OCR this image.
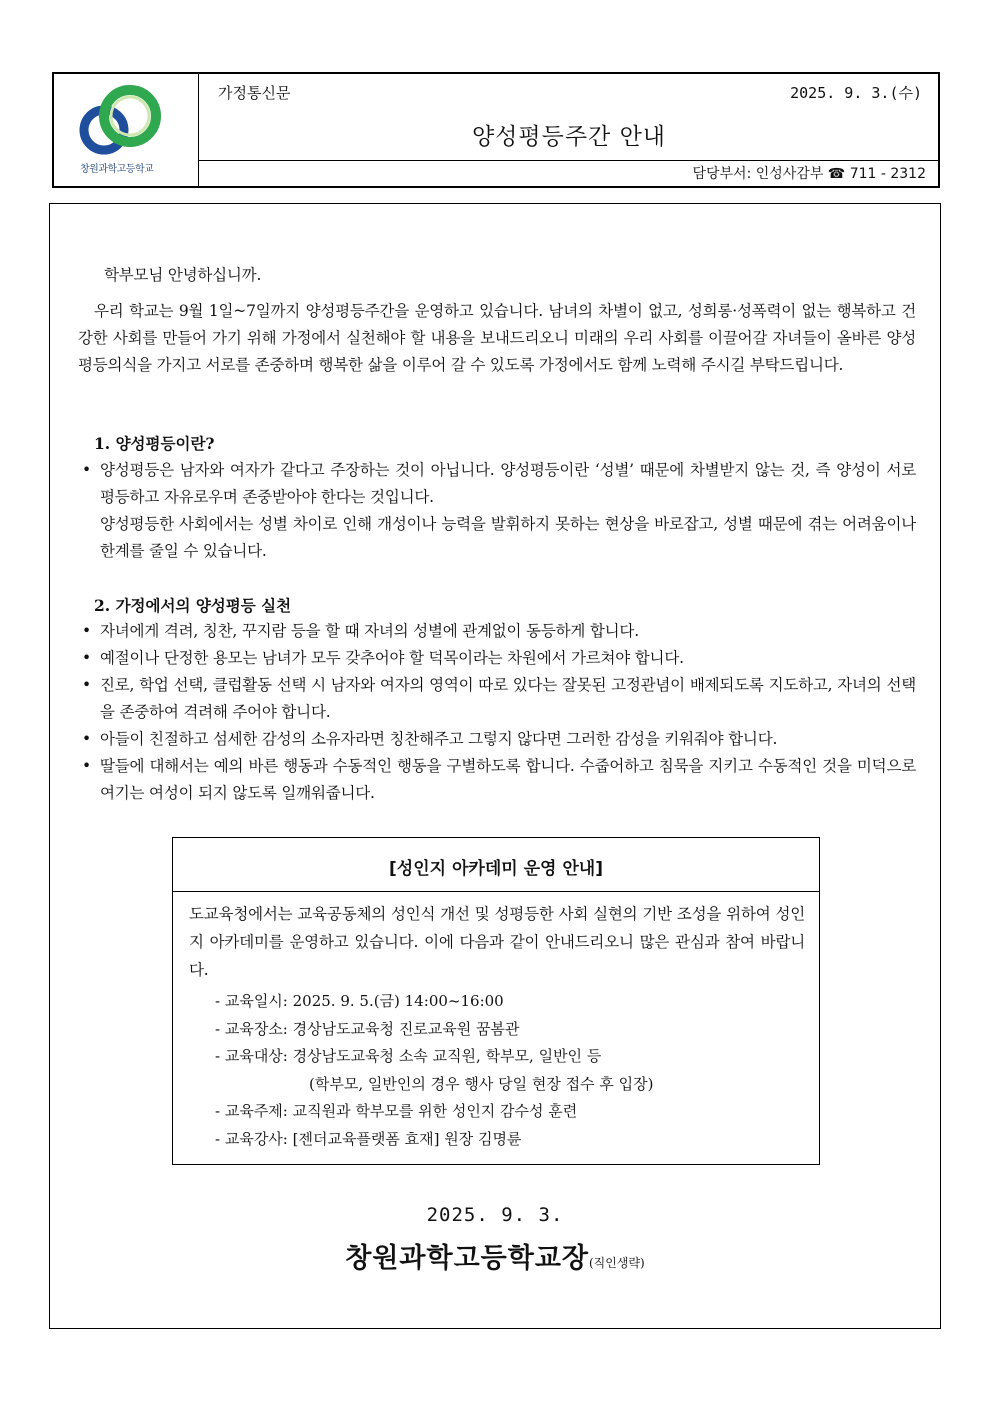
창원과학고등학교
가정통신문	2025. 9. 3.(수)
양성평등주간 안내
담당부서: 인성사감부 ☎ 711 - 2312
학부모님 안녕하십니까.
우리 학교는 9월 1일~7일까지 양성평등주간을 운영하고 있습니다. 남녀의 차별이 없고, 성희롱·성폭력이 없는 행복하고 건강한 사회를 만들어 가기 위해 가정에서 실천해야 할 내용을 보내드리오니 미래의 우리 사회를 이끌어갈 자녀들이 올바른 양성평등의식을 가지고 서로를 존중하며 행복한 삶을 이루어 갈 수 있도록 가정에서도 함께 노력해 주시길 부탁드립니다.
1. 양성평등이란?
• 양성평등은 남자와 여자가 같다고 주장하는 것이 아닙니다. 양성평등이란 ‘성별’ 때문에 차별받지 않는 것, 즉 양성이 서로 평등하고 자유로우며 존중받아야 한다는 것입니다.
양성평등한 사회에서는 성별 차이로 인해 개성이나 능력을 발휘하지 못하는 현상을 바로잡고, 성별 때문에 겪는 어려움이나 한계를 줄일 수 있습니다.
2. 가정에서의 양성평등 실천
• 자녀에게 격려, 칭찬, 꾸지람 등을 할 때 자녀의 성별에 관계없이 동등하게 합니다.
• 예절이나 단정한 용모는 남녀가 모두 갖추어야 할 덕목이라는 차원에서 가르쳐야 합니다.
• 진로, 학업 선택, 클럽활동 선택 시 남자와 여자의 영역이 따로 있다는 잘못된 고정관념이 배제되도록 지도하고, 자녀의 선택을 존중하여 격려해 주어야 합니다.
• 아들이 친절하고 섬세한 감성의 소유자라면 칭찬해주고 그렇지 않다면 그러한 감성을 키워줘야 합니다.
• 딸들에 대해서는 예의 바른 행동과 수동적인 행동을 구별하도록 합니다. 수줍어하고 침묵을 지키고 수동적인 것을 미덕으로 여기는 여성이 되지 않도록 일깨워줍니다.
[성인지 아카데미 운영 안내]
도교육청에서는 교육공동체의 성인식 개선 및 성평등한 사회 실현의 기반 조성을 위하여 성인지 아카데미를 운영하고 있습니다. 이에 다음과 같이 안내드리오니 많은 관심과 참여 바랍니다.
- 교육일시: 2025. 9. 5.(금) 14:00~16:00
- 교육장소: 경상남도교육청 진로교육원 꿈봄관
- 교육대상: 경상남도교육청 소속 교직원, 학부모, 일반인 등
(학부모, 일반인의 경우 행사 당일 현장 접수 후 입장)
- 교육주제: 교직원과 학부모를 위한 성인지 감수성 훈련
- 교육강사: [젠더교육플랫폼 효재] 원장 김명륜
2025. 9. 3.
창원과학고등학교장(직인생략)
